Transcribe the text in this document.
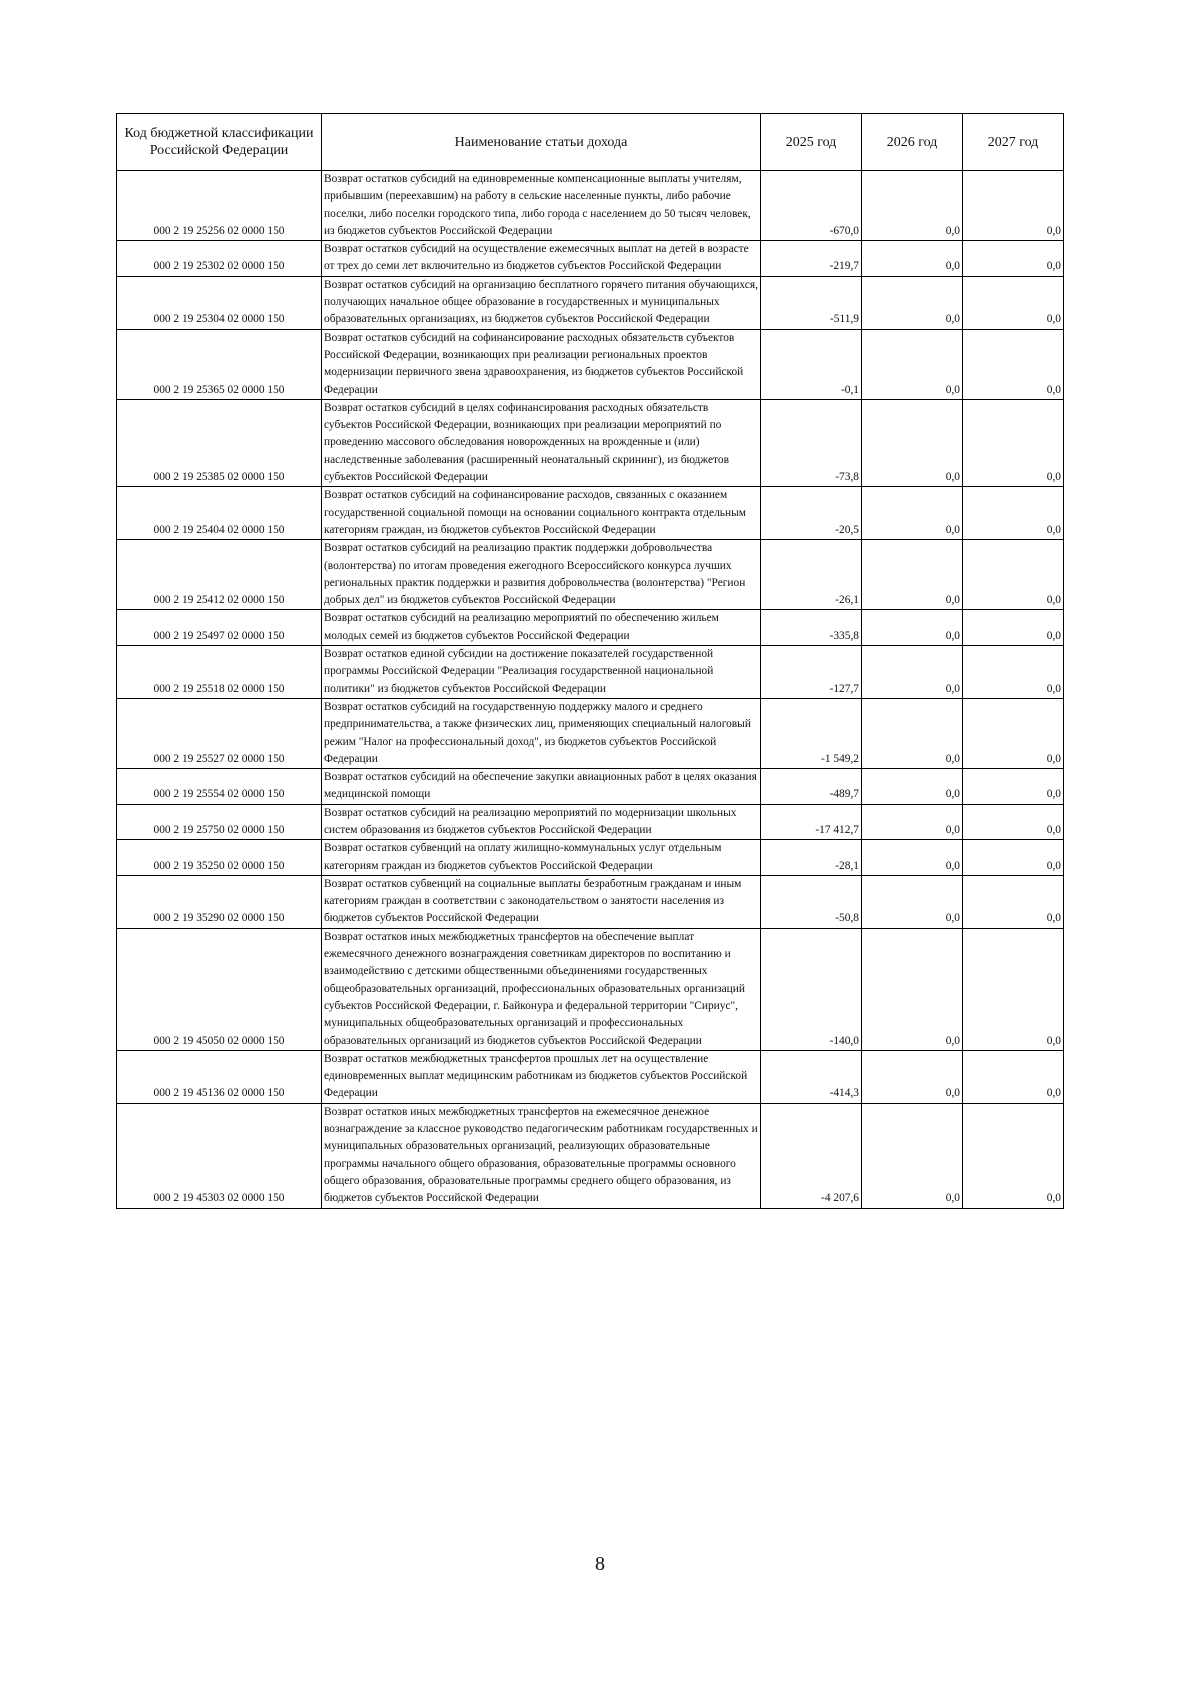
Код бюджетной классификации Российской Федерации	Наименование статьи дохода	2025 год	2026 год	2027 год
000 2 19 25256 02 0000 150	Возврат остатков субсидий на единовременные компенсационные выплаты учителям, прибывшим (переехавшим) на работу в сельские населенные пункты, либо рабочие поселки, либо поселки городского типа, либо города с населением до 50 тысяч человек, из бюджетов субъектов Российской Федерации	-670,0	0,0	0,0
000 2 19 25302 02 0000 150	Возврат остатков субсидий на осуществление ежемесячных выплат на детей в возрасте от трех до семи лет включительно из бюджетов субъектов Российской Федерации	-219,7	0,0	0,0
000 2 19 25304 02 0000 150	Возврат остатков субсидий на организацию бесплатного горячего питания обучающихся, получающих начальное общее образование в государственных и муниципальных образовательных организациях, из бюджетов субъектов Российской Федерации	-511,9	0,0	0,0
000 2 19 25365 02 0000 150	Возврат остатков субсидий на софинансирование расходных обязательств субъектов Российской Федерации, возникающих при реализации региональных проектов модернизации первичного звена здравоохранения, из бюджетов субъектов Российской Федерации	-0,1	0,0	0,0
000 2 19 25385 02 0000 150	Возврат остатков субсидий в целях софинансирования расходных обязательств субъектов Российской Федерации, возникающих при реализации мероприятий по проведению массового обследования новорожденных на врожденные и (или) наследственные заболевания (расширенный неонатальный скрининг), из бюджетов субъектов Российской Федерации	-73,8	0,0	0,0
000 2 19 25404 02 0000 150	Возврат остатков субсидий на софинансирование расходов, связанных с оказанием государственной социальной помощи на основании социального контракта отдельным категориям граждан, из бюджетов субъектов Российской Федерации	-20,5	0,0	0,0
000 2 19 25412 02 0000 150	Возврат остатков субсидий на реализацию практик поддержки добровольчества (волонтерства) по итогам проведения ежегодного Всероссийского конкурса лучших региональных практик поддержки и развития добровольчества (волонтерства) "Регион добрых дел" из бюджетов субъектов Российской Федерации	-26,1	0,0	0,0
000 2 19 25497 02 0000 150	Возврат остатков субсидий на реализацию мероприятий по обеспечению жильем молодых семей из бюджетов субъектов Российской Федерации	-335,8	0,0	0,0
000 2 19 25518 02 0000 150	Возврат остатков единой субсидии на достижение показателей государственной программы Российской Федерации "Реализация государственной национальной политики" из бюджетов субъектов Российской Федерации	-127,7	0,0	0,0
000 2 19 25527 02 0000 150	Возврат остатков субсидий на государственную поддержку малого и среднего предпринимательства, а также физических лиц, применяющих специальный налоговый режим "Налог на профессиональный доход", из бюджетов субъектов Российской Федерации	-1 549,2	0,0	0,0
000 2 19 25554 02 0000 150	Возврат остатков субсидий на обеспечение закупки авиационных работ в целях оказания медицинской помощи	-489,7	0,0	0,0
000 2 19 25750 02 0000 150	Возврат остатков субсидий на реализацию мероприятий по модернизации школьных систем образования из бюджетов субъектов Российской Федерации	-17 412,7	0,0	0,0
000 2 19 35250 02 0000 150	Возврат остатков субвенций на оплату жилищно-коммунальных услуг отдельным категориям граждан из бюджетов субъектов Российской Федерации	-28,1	0,0	0,0
000 2 19 35290 02 0000 150	Возврат остатков субвенций на социальные выплаты безработным гражданам и иным категориям граждан в соответствии с законодательством о занятости населения из бюджетов субъектов Российской Федерации	-50,8	0,0	0,0
000 2 19 45050 02 0000 150	Возврат остатков иных межбюджетных трансфертов на обеспечение выплат ежемесячного денежного вознаграждения советникам директоров по воспитанию и взаимодействию с детскими общественными объединениями государственных общеобразовательных организаций, профессиональных образовательных организаций субъектов Российской Федерации, г. Байконура и федеральной территории "Сириус", муниципальных общеобразовательных организаций и профессиональных образовательных организаций из бюджетов субъектов Российской Федерации	-140,0	0,0	0,0
000 2 19 45136 02 0000 150	Возврат остатков межбюджетных трансфертов прошлых лет на осуществление единовременных выплат медицинским работникам из бюджетов субъектов Российской Федерации	-414,3	0,0	0,0
000 2 19 45303 02 0000 150	Возврат остатков иных межбюджетных трансфертов на ежемесячное денежное вознаграждение за классное руководство педагогическим работникам государственных и муниципальных образовательных организаций, реализующих образовательные программы начального общего образования, образовательные программы основного общего образования, образовательные программы среднего общего образования, из бюджетов субъектов Российской Федерации	-4 207,6	0,0	0,0
8
